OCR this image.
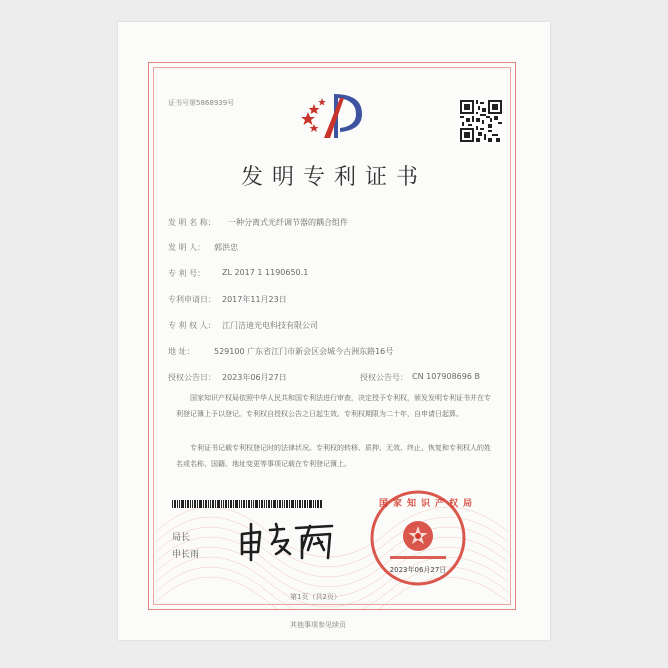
证书号第5868939号
发明专利证书
发 明 名 称： 一种分离式光纤调节器的耦合组件
发 明 人： 郭洪忠
专 利 号： ZL 2017 1 1190650.1
专利申请日： 2017年11月23日
专 利 权 人： 江门洁迪光电科技有限公司
地 址： 529100 广东省江门市新会区会城今古洲东路16号
授权公告日： 2023年06月27日	授权公告号： CN 107908696 B
国家知识产权局依照中华人民共和国专利法进行审查，决定授予专利权，颁发发明专利证书并在专利登记簿上予以登记。专利权自授权公告之日起生效。专利权期限为二十年，自申请日起算。
专利证书记载专利权登记时的法律状况。专利权的转移、质押、无效、终止、恢复和专利权人的姓名或名称、国籍、地址变更等事项记载在专利登记簿上。
局长
申长雨
2023年06月27日
国家知识产权局
第1页（共2页）
其他事项参见续页
